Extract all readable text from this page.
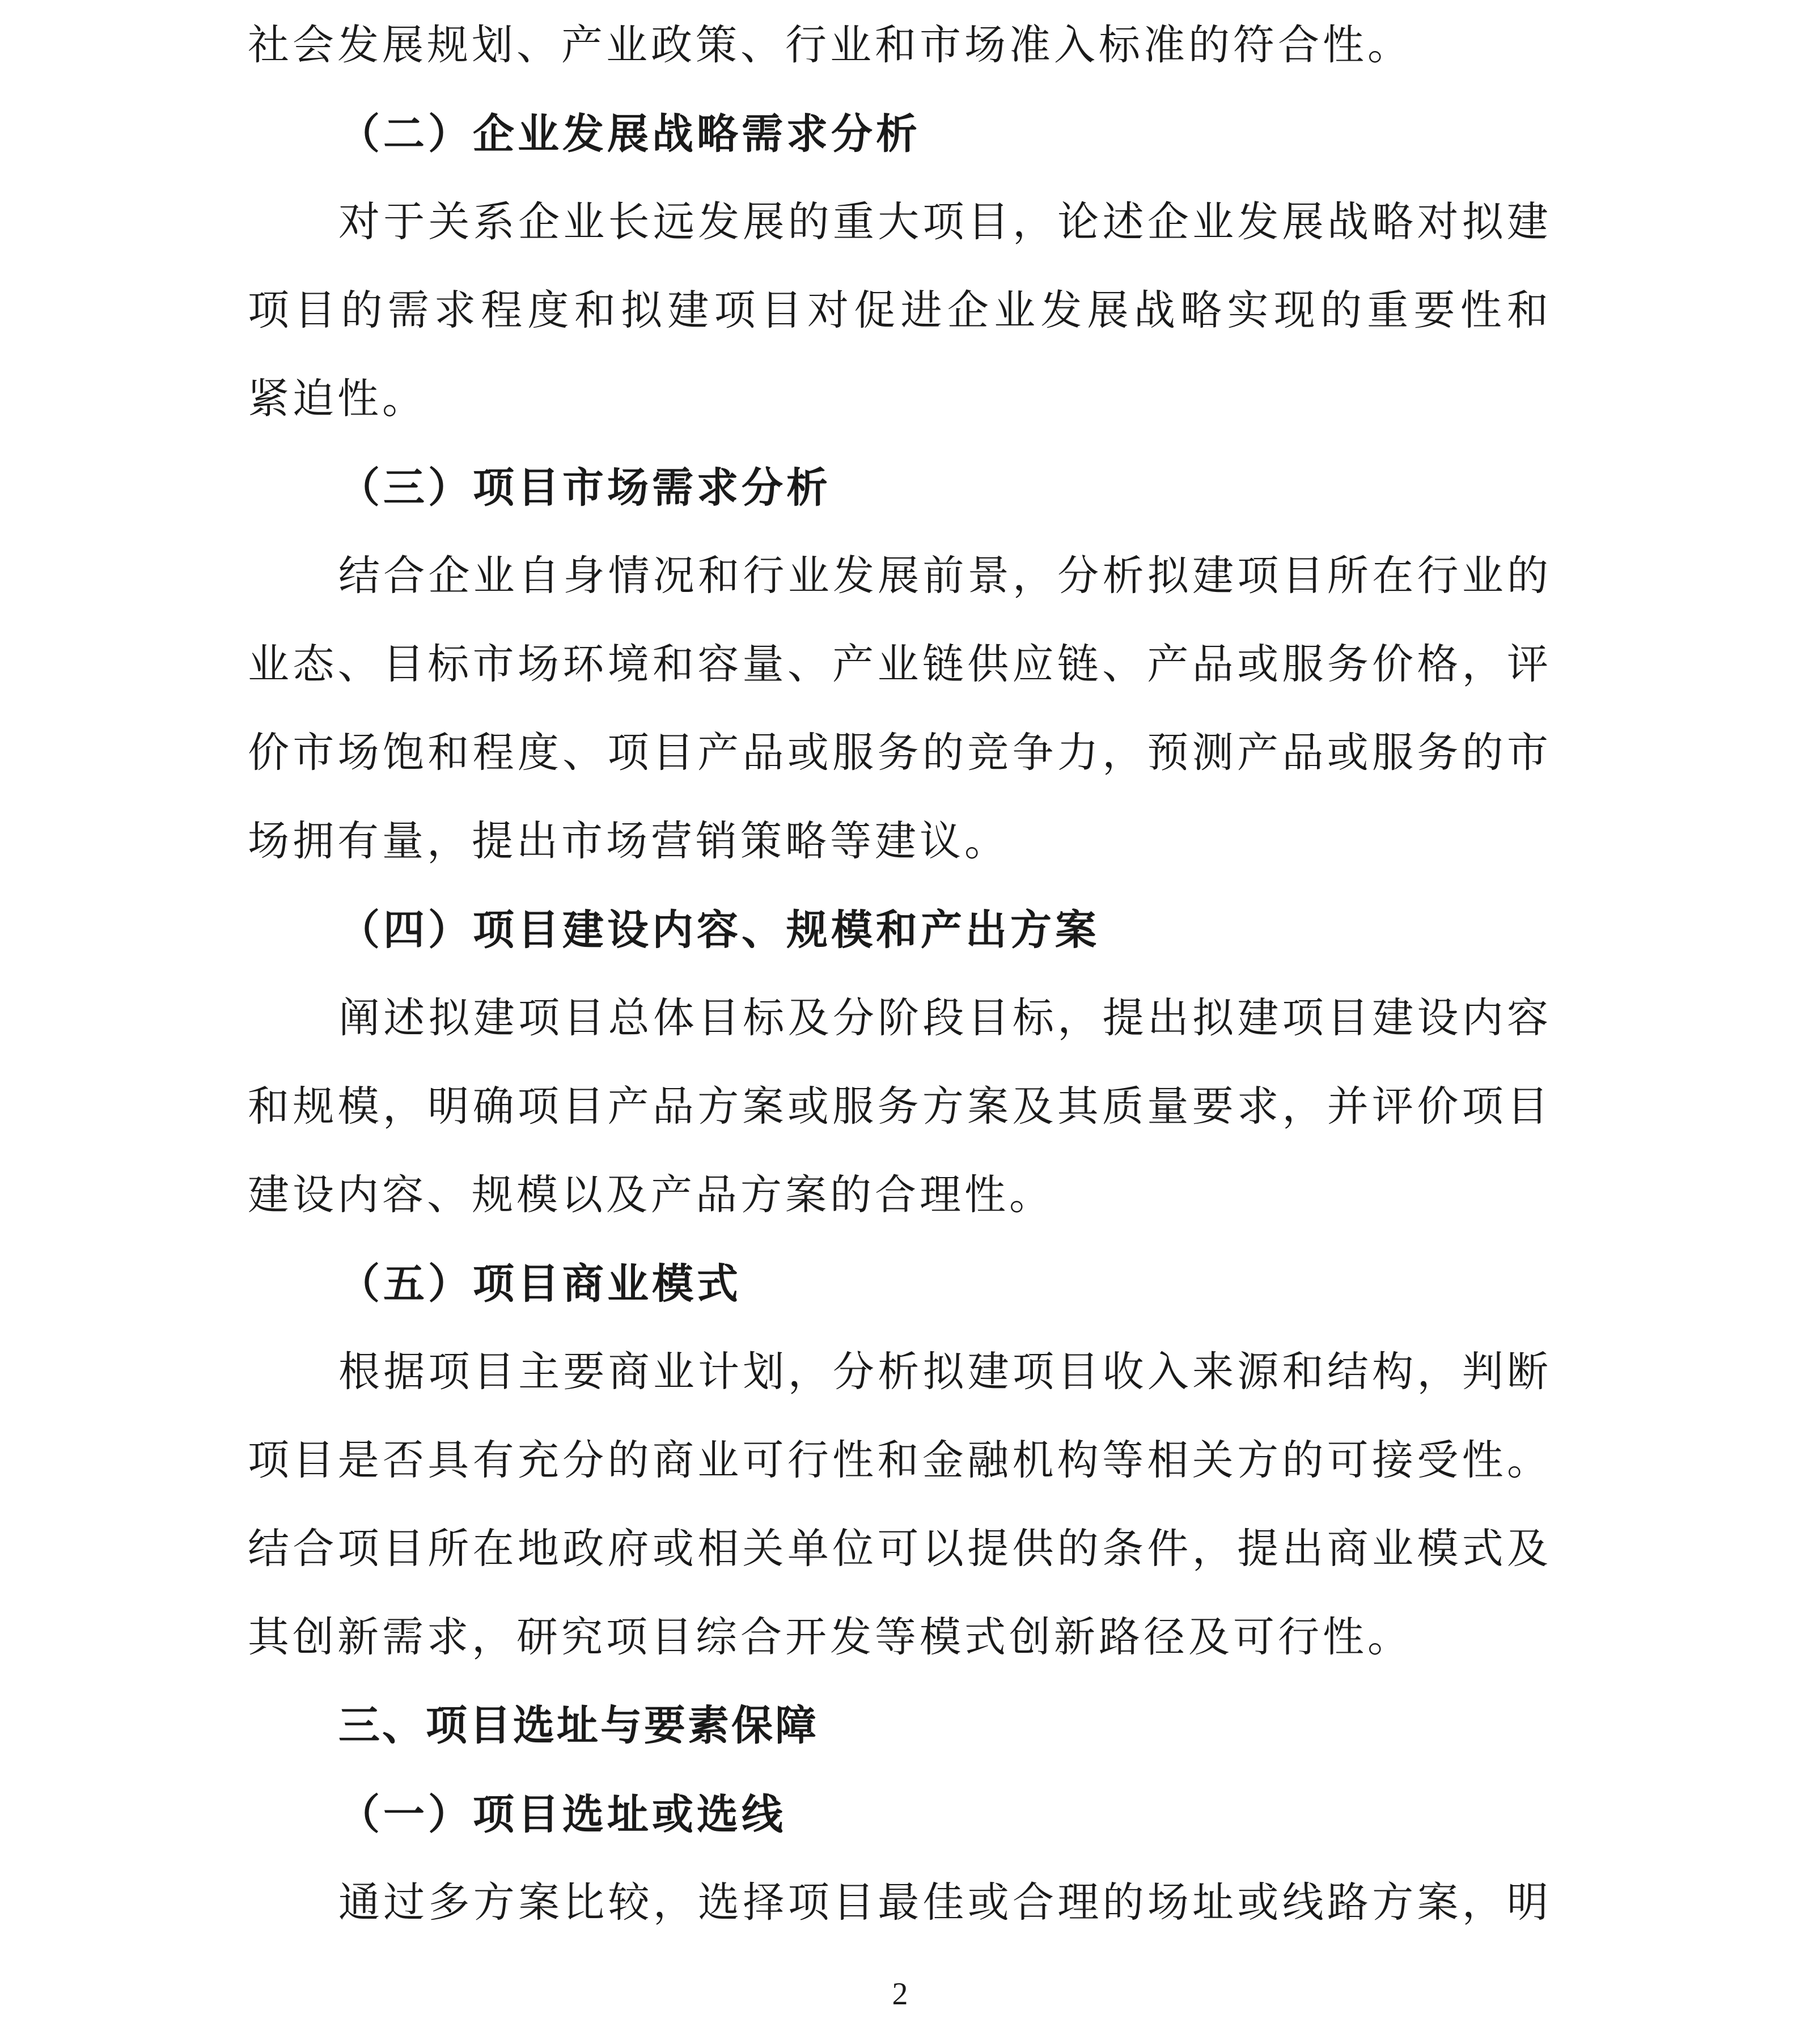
社会发展规划、产业政策、行业和市场准入标准的符合性。
（二）企业发展战略需求分析
对于关系企业长远发展的重大项目，论述企业发展战略对拟建
项目的需求程度和拟建项目对促进企业发展战略实现的重要性和
紧迫性。
（三）项目市场需求分析
结合企业自身情况和行业发展前景，分析拟建项目所在行业的
业态、目标市场环境和容量、产业链供应链、产品或服务价格，评
价市场饱和程度、项目产品或服务的竞争力，预测产品或服务的市
场拥有量，提出市场营销策略等建议。
（四）项目建设内容、规模和产出方案
阐述拟建项目总体目标及分阶段目标，提出拟建项目建设内容
和规模，明确项目产品方案或服务方案及其质量要求，并评价项目
建设内容、规模以及产品方案的合理性。
（五）项目商业模式
根据项目主要商业计划，分析拟建项目收入来源和结构，判断
项目是否具有充分的商业可行性和金融机构等相关方的可接受性。
结合项目所在地政府或相关单位可以提供的条件，提出商业模式及
其创新需求，研究项目综合开发等模式创新路径及可行性。
三、项目选址与要素保障
（一）项目选址或选线
通过多方案比较，选择项目最佳或合理的场址或线路方案，明
2
